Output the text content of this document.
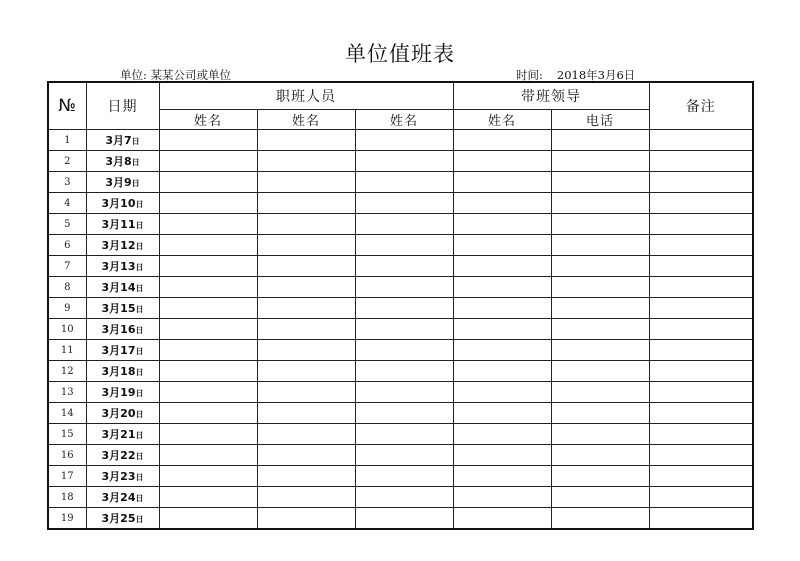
单位值班表
单位: 某某公司或单位	时间: 2018年3月6日
№	日期	职班人员			带班领导		备注
		姓名	姓名	姓名	姓名	电话	
1	3月7日						
2	3月8日						
3	3月9日						
4	3月10日						
5	3月11日						
6	3月12日						
7	3月13日						
8	3月14日						
9	3月15日						
10	3月16日						
11	3月17日						
12	3月18日						
13	3月19日						
14	3月20日						
15	3月21日						
16	3月22日						
17	3月23日						
18	3月24日						
19	3月25日						
